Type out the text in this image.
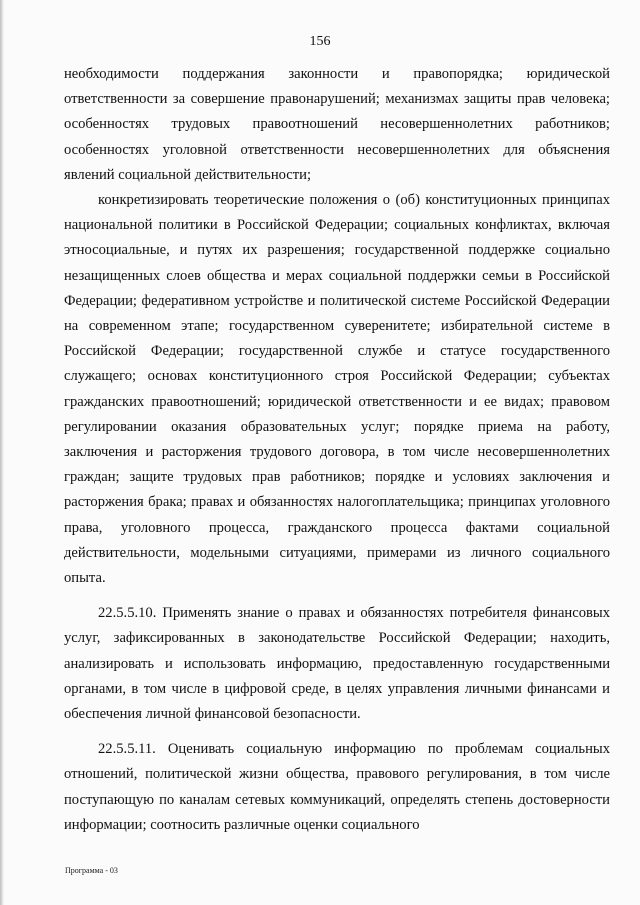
156

необходимости поддержания законности и правопорядка; юридической ответственности за совершение правонарушений; механизмах защиты прав человека; особенностях трудовых правоотношений несовершеннолетних работников; особенностях уголовной ответственности несовершеннолетних для объяснения явлений социальной действительности;

конкретизировать теоретические положения о (об) конституционных принципах национальной политики в Российской Федерации; социальных конфликтах, включая этносоциальные, и путях их разрешения; государственной поддержке социально незащищенных слоев общества и мерах социальной поддержки семьи в Российской Федерации; федеративном устройстве и политической системе Российской Федерации на современном этапе; государственном суверенитете; избирательной системе в Российской Федерации; государственной службе и статусе государственного служащего; основах конституционного строя Российской Федерации; субъектах гражданских правоотношений; юридической ответственности и ее видах; правовом регулировании оказания образовательных услуг; порядке приема на работу, заключения и расторжения трудового договора, в том числе несовершеннолетних граждан; защите трудовых прав работников; порядке и условиях заключения и расторжения брака; правах и обязанностях налогоплательщика; принципах уголовного права, уголовного процесса, гражданского процесса фактами социальной действительности, модельными ситуациями, примерами из личного социального опыта.

22.5.5.10. Применять знание о правах и обязанностях потребителя финансовых услуг, зафиксированных в законодательстве Российской Федерации; находить, анализировать и использовать информацию, предоставленную государственными органами, в том числе в цифровой среде, в целях управления личными финансами и обеспечения личной финансовой безопасности.

22.5.5.11. Оценивать социальную информацию по проблемам социальных отношений, политической жизни общества, правового регулирования, в том числе поступающую по каналам сетевых коммуникаций, определять степень достоверности информации; соотносить различные оценки социального

Программа - 03
